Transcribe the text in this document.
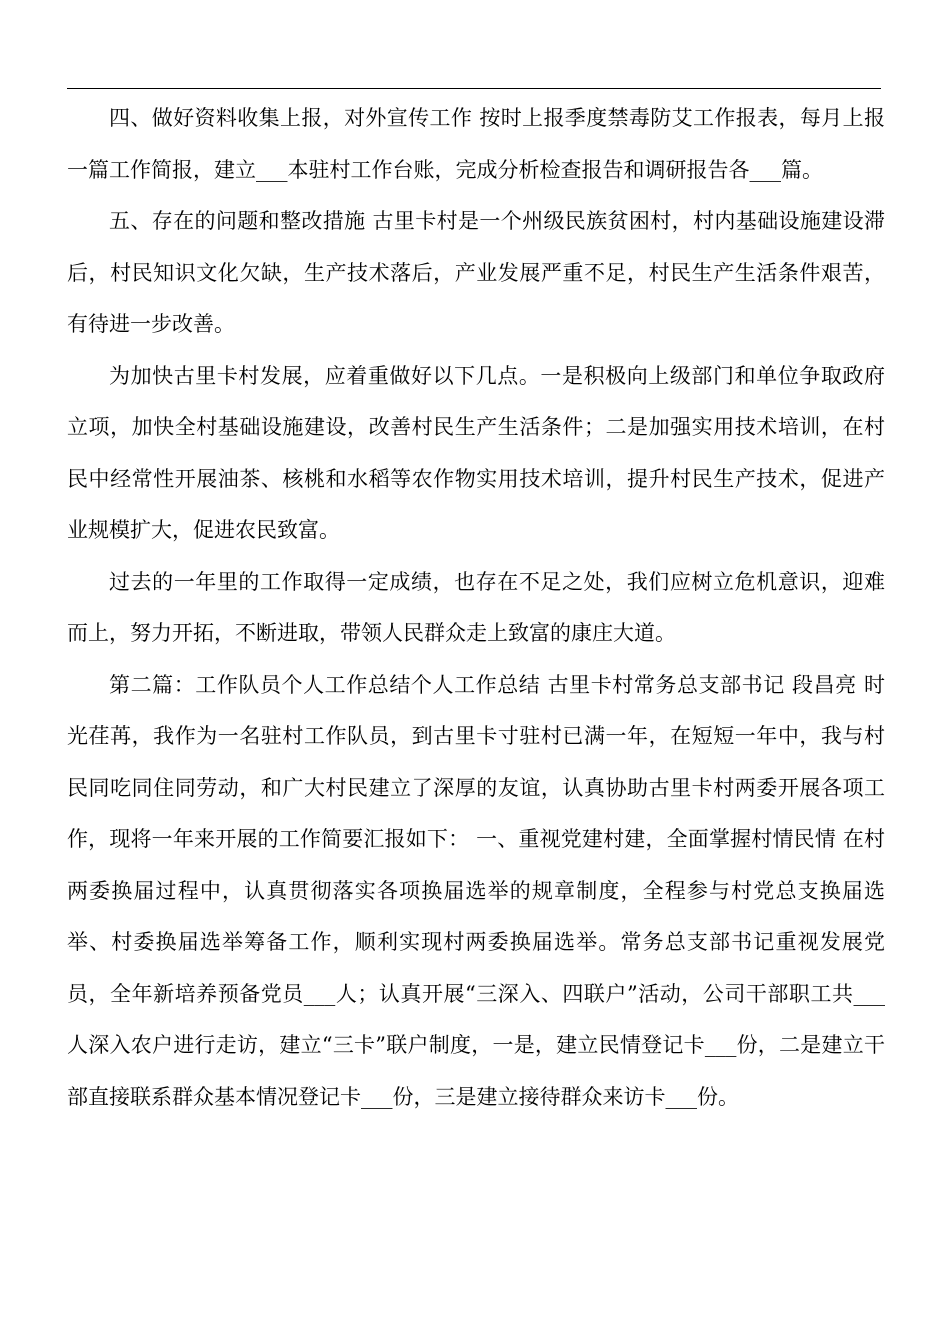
四、做好资料收集上报，对外宣传工作 按时上报季度禁毒防艾工作报表，每月上报一篇工作简报，建立___本驻村工作台账，完成分析检查报告和调研报告各___篇。

五、存在的问题和整改措施 古里卡村是一个州级民族贫困村，村内基础设施建设滞后，村民知识文化欠缺，生产技术落后，产业发展严重不足，村民生产生活条件艰苦，有待进一步改善。

为加快古里卡村发展，应着重做好以下几点。一是积极向上级部门和单位争取政府立项，加快全村基础设施建设，改善村民生产生活条件；二是加强实用技术培训，在村民中经常性开展油茶、核桃和水稻等农作物实用技术培训，提升村民生产技术，促进产业规模扩大，促进农民致富。

过去的一年里的工作取得一定成绩，也存在不足之处，我们应树立危机意识，迎难而上，努力开拓，不断进取，带领人民群众走上致富的康庄大道。

第二篇：工作队员个人工作总结个人工作总结 古里卡村常务总支部书记 段昌亮 时光荏苒，我作为一名驻村工作队员，到古里卡寸驻村已满一年，在短短一年中，我与村民同吃同住同劳动，和广大村民建立了深厚的友谊，认真协助古里卡村两委开展各项工作，现将一年来开展的工作简要汇报如下： 一、重视党建村建，全面掌握村情民情 在村两委换届过程中，认真贯彻落实各项换届选举的规章制度，全程参与村党总支换届选举、村委换届选举筹备工作，顺利实现村两委换届选举。常务总支部书记重视发展党员，全年新培养预备党员___人；认真开展“三深入、四联户”活动，公司干部职工共___人深入农户进行走访，建立“三卡”联户制度，一是，建立民情登记卡___份，二是建立干部直接联系群众基本情况登记卡___份，三是建立接待群众来访卡___份。
